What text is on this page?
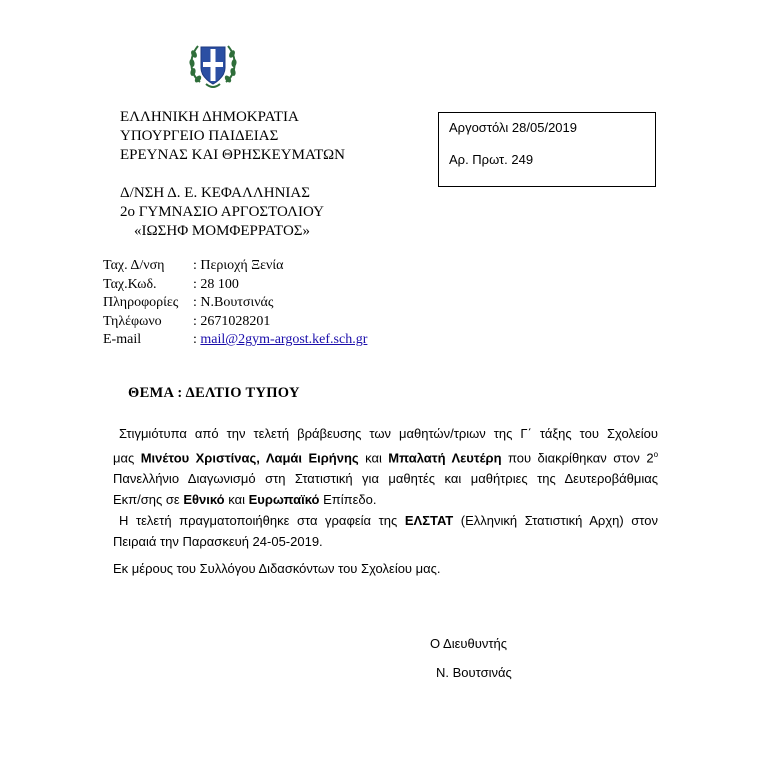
ΕΛΛΗΝΙΚΗ ΔΗΜΟΚΡΑΤΙΑ
ΥΠΟΥΡΓΕΙΟ ΠΑΙΔΕΙΑΣ
ΕΡΕΥΝΑΣ ΚΑΙ ΘΡΗΣΚΕΥΜΑΤΩΝ
Δ/ΝΣΗ Δ. Ε. ΚΕΦΑΛΛΗΝΙΑΣ
2ο ΓΥΜΝΑΣΙΟ ΑΡΓΟΣΤΟΛΙΟΥ
«ΙΩΣΗΦ ΜΟΜΦΕΡΡΑΤΟΣ»
Αργοστόλι 28/05/2019
Αρ. Πρωτ. 249
Ταχ. Δ/νση	: Περιοχή Ξενία
Ταχ.Κωδ.	: 28 100
Πληροφορίες	: Ν.Βουτσινάς
Τηλέφωνο	: 2671028201
E-mail	: mail@2gym-argost.kef.sch.gr
ΘΕΜΑ : ΔΕΛΤΙΟ ΤΥΠΟΥ

Στιγμιότυπα από την τελετή βράβευσης των μαθητών/τριων της Γ΄ τάξης του Σχολείου

μας Μινέτου Χριστίνας, Λαμάι Ειρήνης και Μπαλατή Λευτέρη που διακρίθηκαν στον $2^o$

Πανελλήνιο Διαγωνισμό στη Στατιστική για μαθητές και μαθήτριες της Δευτεροβάθμιας

Εκπ/σης σε Εθνικό και Ευρωπαϊκό Επίπεδο.

Η τελετή πραγματοποιήθηκε στα γραφεία της ΕΛΣΤΑΤ (Ελληνική Στατιστική Αρχη) στον

Πειραιά την Παρασκευή 24-05-2019.

Εκ μέρους του Συλλόγου Διδασκόντων του Σχολείου μας.
Ο Διευθυντής
Ν. Βουτσινάς
